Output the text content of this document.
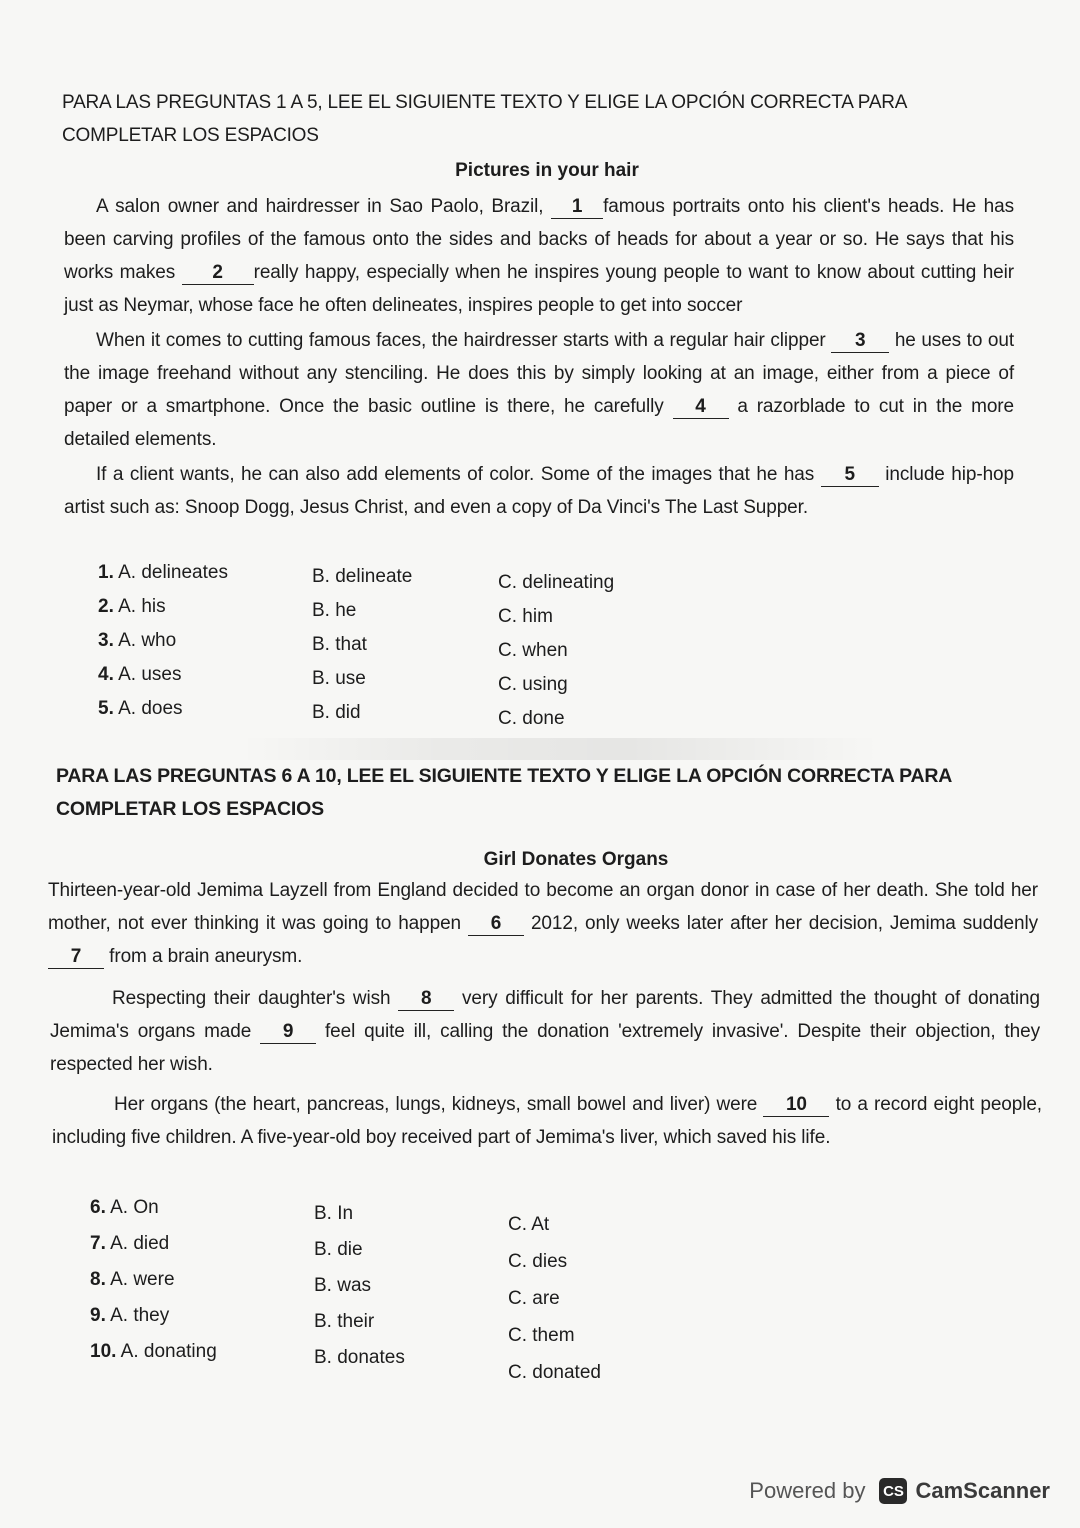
PARA LAS PREGUNTAS 1 A 5, LEE EL SIGUIENTE TEXTO Y ELIGE LA OPCIÓN CORRECTA PARA
COMPLETAR LOS ESPACIOS
Pictures in your hair
A salon owner and hairdresser in Sao Paolo, Brazil, 1 famous portraits onto his client's heads. He has been carving profiles of the famous onto the sides and backs of heads for about a year or so. He says that his works makes 2 really happy, especially when he inspires young people to want to know about cutting heir just as Neymar, whose face he often delineates, inspires people to get into soccer
When it comes to cutting famous faces, the hairdresser starts with a regular hair clipper 3 he uses to out the image freehand without any stenciling. He does this by simply looking at an image, either from a piece of paper or a smartphone. Once the basic outline is there, he carefully 4 a razorblade to cut in the more detailed elements.
If a client wants, he can also add elements of color. Some of the images that he has 5 include hip-hop artist such as: Snoop Dogg, Jesus Christ, and even a copy of Da Vinci's The Last Supper.
1. A. delineates
2. A. his
3. A. who
4. A. uses
5. A. does
B. delineate
B. he
B. that
B. use
B. did
C. delineating
C. him
C. when
C. using
C. done
PARA LAS PREGUNTAS 6 A 10, LEE EL SIGUIENTE TEXTO Y ELIGE LA OPCIÓN CORRECTA PARA
COMPLETAR LOS ESPACIOS
Girl Donates Organs
Thirteen-year-old Jemima Layzell from England decided to become an organ donor in case of her death. She told her mother, not ever thinking it was going to happen 6 2012, only weeks later after her decision, Jemima suddenly 7 from a brain aneurysm.
Respecting their daughter's wish 8 very difficult for her parents. They admitted the thought of donating Jemima's organs made 9 feel quite ill, calling the donation 'extremely invasive'. Despite their objection, they respected her wish.
Her organs (the heart, pancreas, lungs, kidneys, small bowel and liver) were 10 to a record eight people, including five children. A five-year-old boy received part of Jemima's liver, which saved his life.
6. A. On
7. A. died
8. A. were
9. A. they
10. A. donating
B. In
B. die
B. was
B. their
B. donates
C. At
C. dies
C. are
C. them
C. donated
Powered by CS CamScanner
